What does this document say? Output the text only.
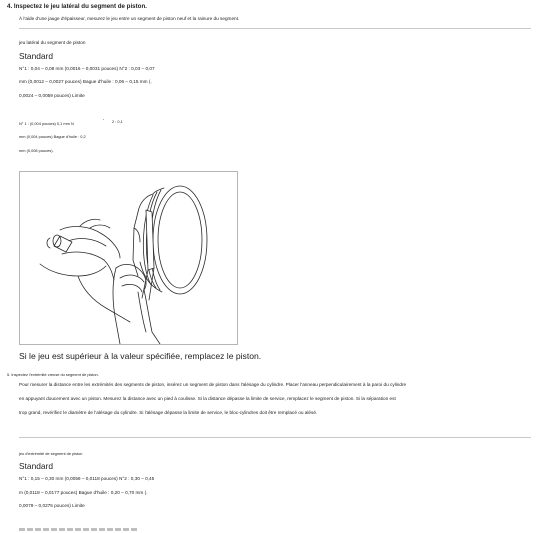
4. Inspectez le jeu latéral du segment de piston.
À l'aide d'une jauge d'épaisseur, mesurez le jeu entre un segment de piston neuf et la rainure du segment.
jeu latéral du segment de piston
Standard
N°1 : 0,04 – 0,08 mm (0,0016 – 0,0031 pouces) N°2 : 0,03 – 0,07
mm (0,0012 – 0,0027 pouces) Bague d'huile : 0,06 – 0,15 mm (.
0,0024 – 0,0059 pouces) Limite
N° 1 : (0,004 pouces) 0,1 mm N
° 2 : 0,1
mm (0,004 pouces) Bague d'huile : 0,2
mm (0,008 pouces).
Si le jeu est supérieur à la valeur spécifiée, remplacez le piston.
5. Inspectez l'extrémité creuse du segment de piston.
Pour mesurer la distance entre les extrémités des segments de piston, insérez un segment de piston dans l'alésage du cylindre. Placer l'anneau perpendiculairement à la paroi du cylindre
en appuyant doucement avec un piston. Mesurez la distance avec un pied à coulisse. Si la distance dépasse la limite de service, remplacez le segment de piston. Si la séparation est
trop grand, revérifiez le diamètre de l'alésage du cylindre. Si l'alésage dépasse la limite de service, le bloc-cylindres doit être remplacé ou alésé.
jeu d'extrémité de segment de piston
Standard
N°1 : 0,15 – 0,30 mm (0,0059 – 0,0118 pouces) N°2 : 0,30 – 0,45
m (0,0118 – 0,0177 pouces) Bague d'huile : 0,20 – 0,70 mm (.
0,0079 – 0,0275 pouces) Limite
